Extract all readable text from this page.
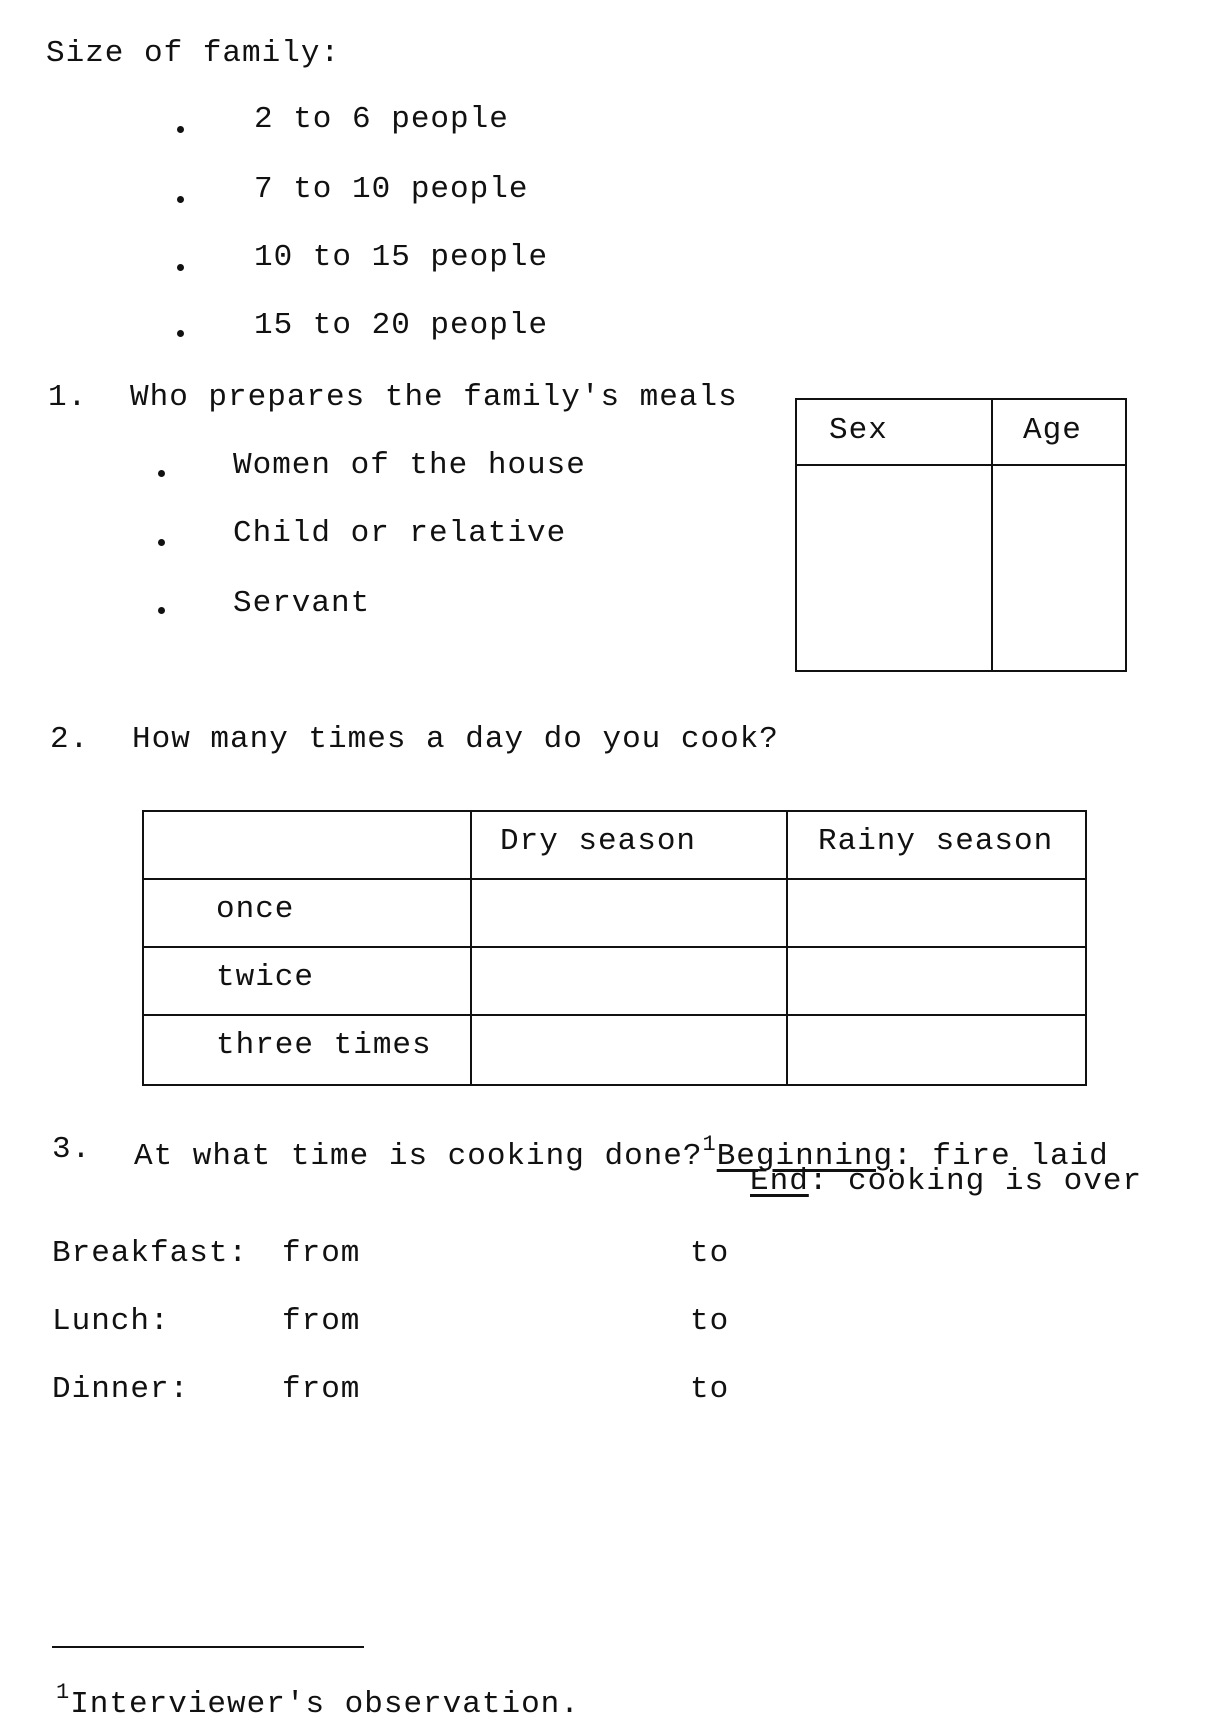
Size of family:
2 to 6 people
7 to 10 people
10 to 15 people
15 to 20 people
1. Who prepares the family's meals
Women of the house
Child or relative
Servant
Sex	Age

2. How many times a day do you cook?
	Dry season	Rainy season
once		
twice		
three times		
3. At what time is cooking done?$^1$Beginning: fire laid
End: cooking is over
Breakfast: from	to
Lunch:	from	to
Dinner:	from	to
$^1$Interviewer's observation.
